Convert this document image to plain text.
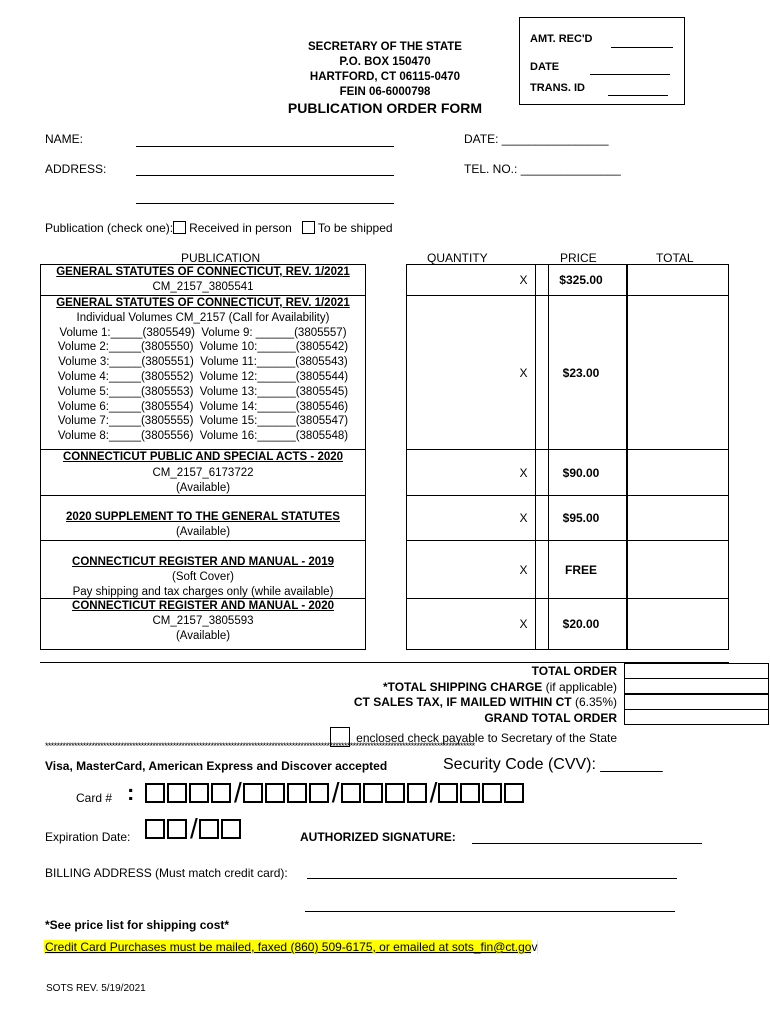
SECRETARY OF THE STATE
P.O. BOX 150470
HARTFORD, CT 06115-0470
FEIN 06-6000798
PUBLICATION ORDER FORM
AMT. REC'D
DATE
TRANS. ID
NAME:
ADDRESS:
DATE: ________________
TEL. NO.: _______________
Publication (check one): Received in person To be shipped
PUBLICATION	QUANTITY	PRICE	TOTAL
GENERAL STATUTES OF CONNECTICUT, REV. 1/2021
CM_2157_3805541	X	$325.00
GENERAL STATUTES OF CONNECTICUT, REV. 1/2021
Individual Volumes CM_2157 (Call for Availability)
Volume 1:_____(3805549)
Volume 9: ______(3805557)
Volume 2:_____(3805550)
Volume 10:______(3805542)
Volume 3:_____(3805551)
Volume 11:______(3805543)
Volume 4:_____(3805552)
Volume 12:______(3805544)
Volume 5:_____(3805553)
Volume 13:______(3805545)
Volume 6:_____(3805554)
Volume 14:______(3805546)
Volume 7:_____(3805555)
Volume 15:______(3805547)
Volume 8:_____(3805556)
Volume 16:______(3805548)
X	$23.00
CONNECTICUT PUBLIC AND SPECIAL ACTS - 2020
CM_2157_6173722
(Available)
X	$90.00
2020 SUPPLEMENT TO THE GENERAL STATUTES
(Available)
X	$95.00
CONNECTICUT REGISTER AND MANUAL - 2019
(Soft Cover)
Pay shipping and tax charges only (while available)
X	FREE
CONNECTICUT REGISTER AND MANUAL - 2020
CM_2157_3805593
(Available)
X	$20.00
TOTAL ORDER
*TOTAL SHIPPING CHARGE (if applicable)
CT SALES TAX, IF MAILED WITHIN CT (6.35%)
GRAND TOTAL ORDER
enclosed check payable to Secretary of the State
****************************************************************************************************************************************************
Visa, MasterCard, American Express and Discover accepted	Security Code (CVV): _______
Card # :	/	/	/
Expiration Date:	/	AUTHORIZED SIGNATURE:
BILLING ADDRESS (Must match credit card):
*See price list for shipping cost*
Credit Card Purchases must be mailed, faxed (860) 509-6175, or emailed at sots_fin@ct.gov
SOTS REV. 5/19/2021
